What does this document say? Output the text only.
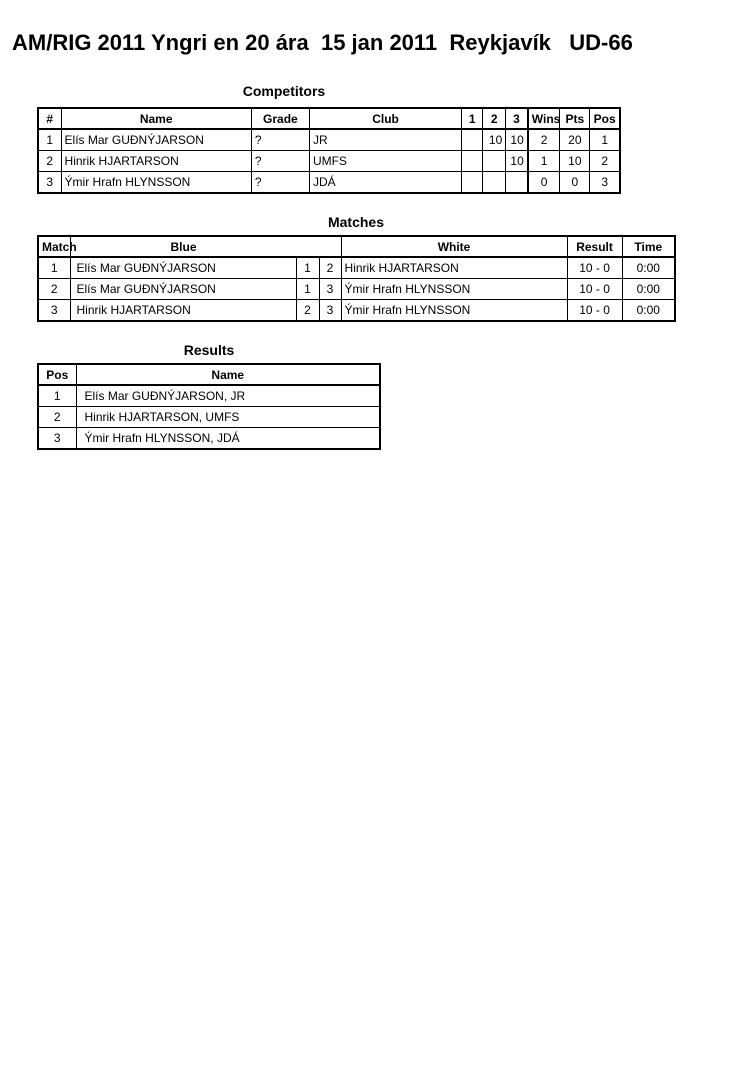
AM/RIG 2011 Yngri en 20 ára  15 jan 2011  Reykjavík   UD-66
Competitors
#	Name	Grade	Club	1	2	3	Wins	Pts	Pos
1	Elís Mar GUÐNÝJARSON	?	JR		10	10	2	20	1
2	Hinrik HJARTARSON	?	UMFS			10	1	10	2
3	Ýmir Hrafn HLYNSSON	?	JDÁ				0	0	3
Matches
Match	Blue			White	Result	Time
1	Elís Mar GUÐNÝJARSON	1	2	Hinrik HJARTARSON	10 - 0	0:00
2	Elís Mar GUÐNÝJARSON	1	3	Ýmir Hrafn HLYNSSON	10 - 0	0:00
3	Hinrik HJARTARSON	2	3	Ýmir Hrafn HLYNSSON	10 - 0	0:00
Results
Pos	Name
1	Elís Mar GUÐNÝJARSON, JR
2	Hinrik HJARTARSON, UMFS
3	Ýmir Hrafn HLYNSSON, JDÁ
